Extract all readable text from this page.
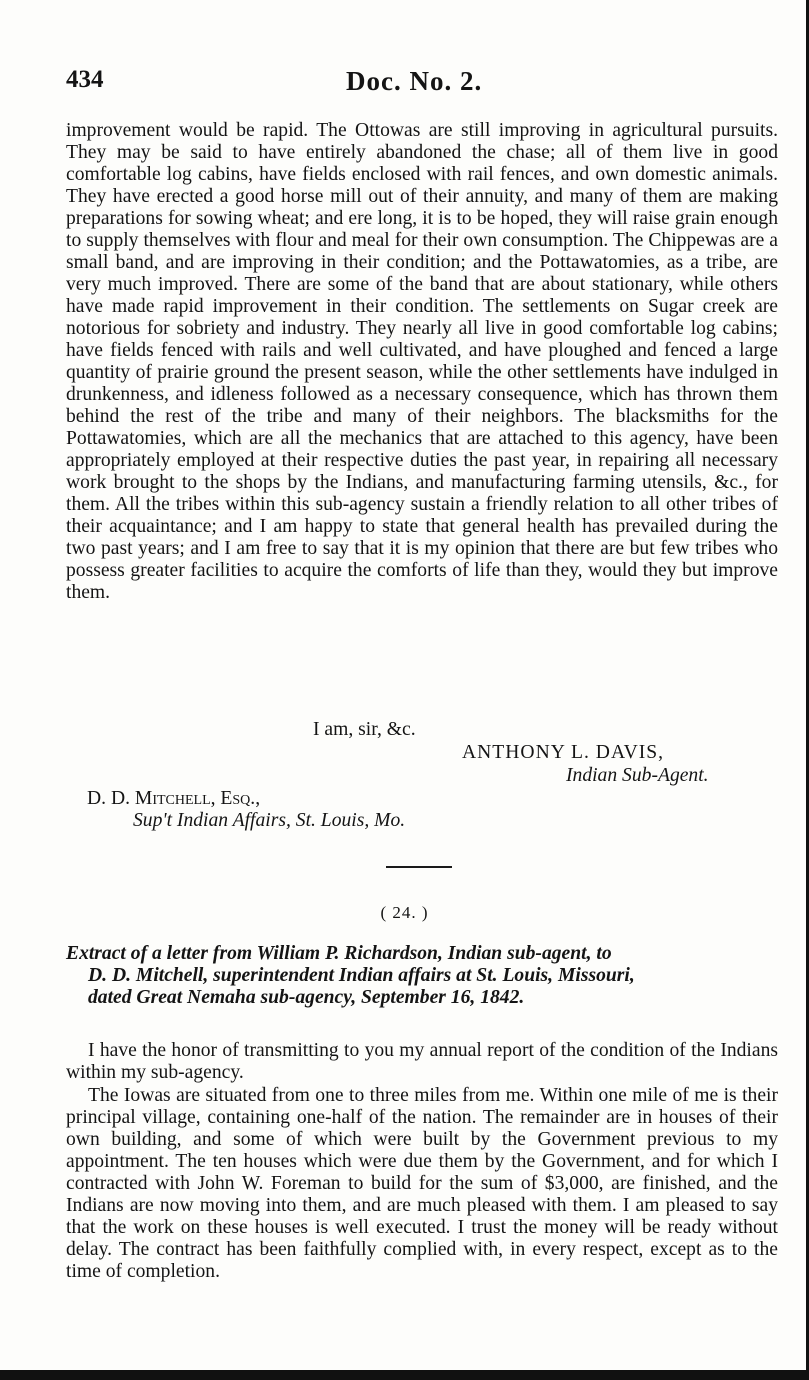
434	Doc. No. 2.

improvement would be rapid. The Ottowas are still improving in agricultural pursuits. They may be said to have entirely abandoned the chase; all of them live in good comfortable log cabins, have fields enclosed with rail fences, and own domestic animals. They have erected a good horse mill out of their annuity, and many of them are making preparations for sowing wheat; and ere long, it is to be hoped, they will raise grain enough to supply themselves with flour and meal for their own consumption. The Chippewas are a small band, and are improving in their condition; and the Pottawatomies, as a tribe, are very much improved. There are some of the band that are about stationary, while others have made rapid improvement in their condition. The settlements on Sugar creek are notorious for sobriety and industry. They nearly all live in good comfortable log cabins; have fields fenced with rails and well cultivated, and have ploughed and fenced a large quantity of prairie ground the present season, while the other settlements have indulged in drunkenness, and idleness followed as a necessary consequence, which has thrown them behind the rest of the tribe and many of their neighbors. The blacksmiths for the Pottawatomies, which are all the mechanics that are attached to this agency, have been appropriately employed at their respective duties the past year, in repairing all necessary work brought to the shops by the Indians, and manufacturing farming utensils, &c., for them. All the tribes within this sub-agency sustain a friendly relation to all other tribes of their acquaintance; and I am happy to state that general health has prevailed during the two past years; and I am free to say that it is my opinion that there are but few tribes who possess greater facilities to acquire the comforts of life than they, would they but improve them.

I am, sir, &c.
ANTHONY L. DAVIS,
Indian Sub-Agent.
D. D. Mitchell, Esq.,
Sup't Indian Affairs, St. Louis, Mo.
( 24. )

Extract of a letter from William P. Richardson, Indian sub-agent, to
D. D. Mitchell, superintendent Indian affairs at St. Louis, Missouri,
dated Great Nemaha sub-agency, September 16, 1842.

I have the honor of transmitting to you my annual report of the condition of the Indians within my sub-agency.

The Iowas are situated from one to three miles from me. Within one mile of me is their principal village, containing one-half of the nation. The remainder are in houses of their own building, and some of which were built by the Government previous to my appointment. The ten houses which were due them by the Government, and for which I contracted with John W. Foreman to build for the sum of $3,000, are finished, and the Indians are now moving into them, and are much pleased with them. I am pleased to say that the work on these houses is well executed. I trust the money will be ready without delay. The contract has been faithfully complied with, in every respect, except as to the time of completion.
